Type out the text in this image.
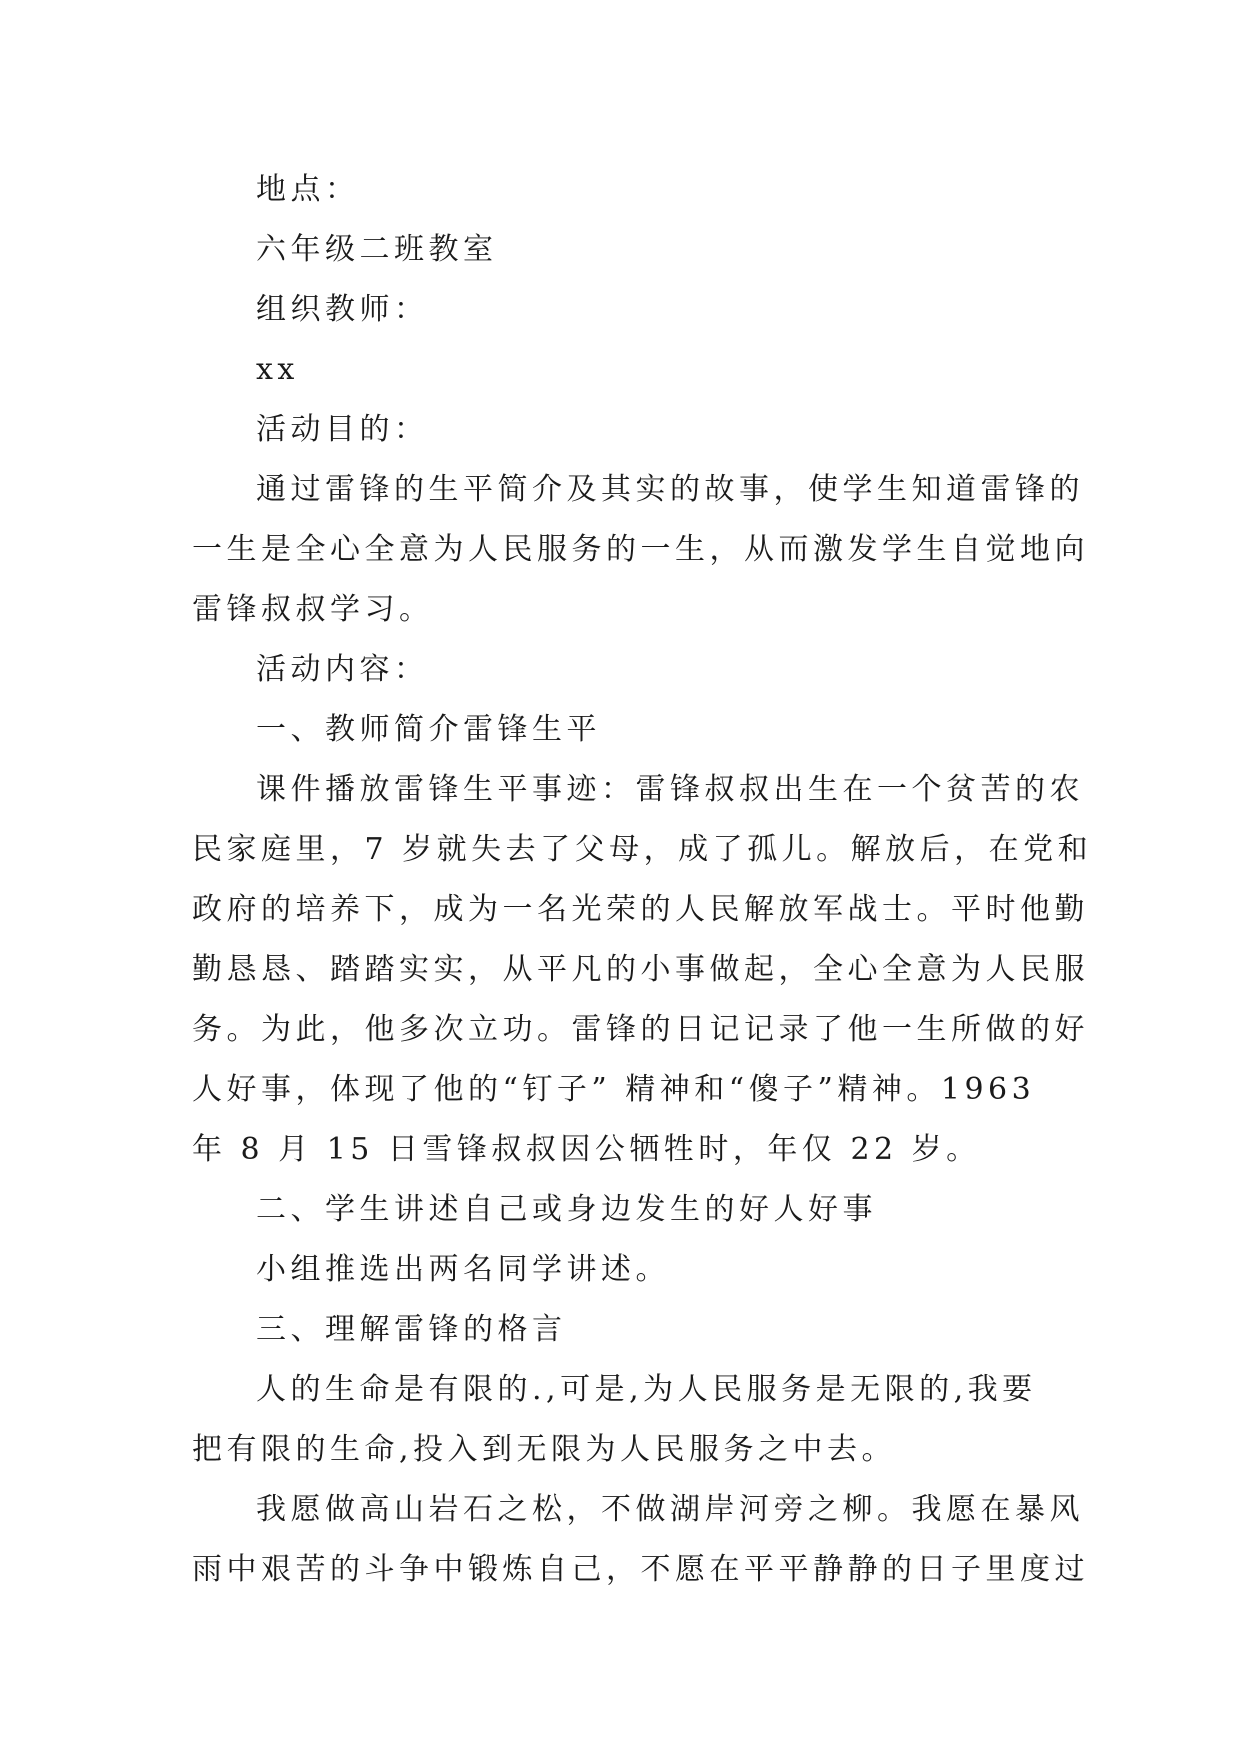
地点：
六年级二班教室
组织教师：
xx
活动目的：
通过雷锋的生平简介及其实的故事，使学生知道雷锋的
一生是全心全意为人民服务的一生，从而激发学生自觉地向
雷锋叔叔学习。
活动内容：
一、教师简介雷锋生平
课件播放雷锋生平事迹：雷锋叔叔出生在一个贫苦的农
民家庭里，7 岁就失去了父母，成了孤儿。解放后，在党和
政府的培养下，成为一名光荣的人民解放军战士。平时他勤
勤恳恳、踏踏实实，从平凡的小事做起，全心全意为人民服
务。为此，他多次立功。雷锋的日记记录了他一生所做的好
人好事，体现了他的“钉子” 精神和“傻子”精神。1963
年 8 月 15 日雪锋叔叔因公牺牲时，年仅 22 岁。
二、学生讲述自己或身边发生的好人好事
小组推选出两名同学讲述。
三、理解雷锋的格言
人的生命是有限的.,可是,为人民服务是无限的,我要
把有限的生命,投入到无限为人民服务之中去。
我愿做高山岩石之松，不做湖岸河旁之柳。我愿在暴风
雨中艰苦的斗争中锻炼自己，不愿在平平静静的日子里度过
